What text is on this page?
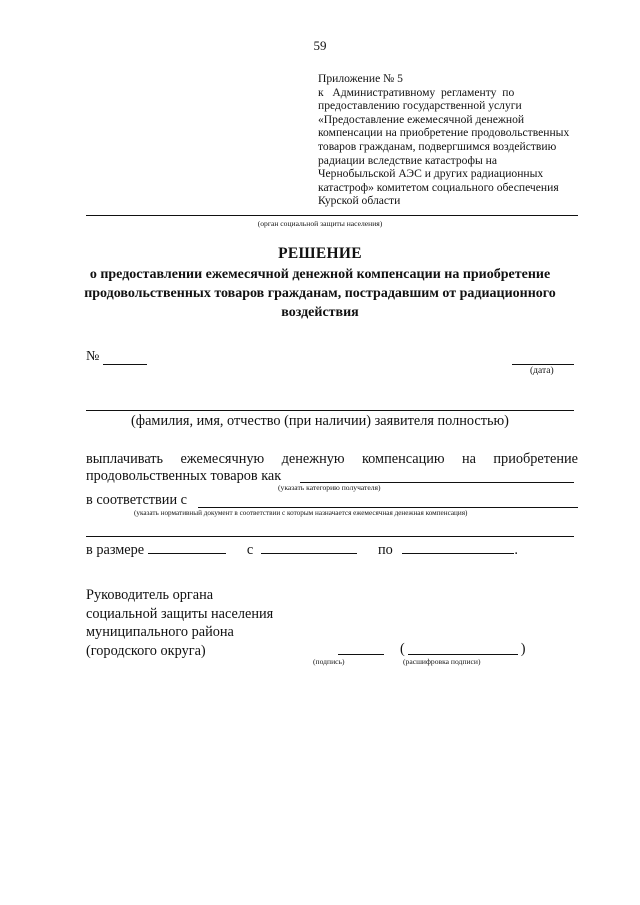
59
Приложение № 5
к   Административному  регламенту  по
предоставлению государственной услуги
«Предоставление ежемесячной денежной
компенсации на приобретение продовольственных
товаров гражданам, подвергшимся воздействию
радиации вследствие катастрофы на
Чернобыльской АЭС и других радиационных
катастроф» комитетом социального обеспечения
Курской области
(орган социальной защиты населения)
РЕШЕНИЕ
о предоставлении ежемесячной денежной компенсации на приобретение продовольственных товаров гражданам, пострадавшим от радиационного воздействия
№
(дата)
(фамилия, имя, отчество (при наличии) заявителя полностью)
выплачивать ежемесячную денежную компенсацию на приобретение
продовольственных товаров как
(указать категорию получателя)
в соответствии с
(указать нормативный документ в соответствии с которым назначается ежемесячная денежная компенсация)
в размере	с	по	.
Руководитель органа
социальной защиты населения
муниципального района
(городского округа)
(подпись)
(	)
(расшифровка подписи)
